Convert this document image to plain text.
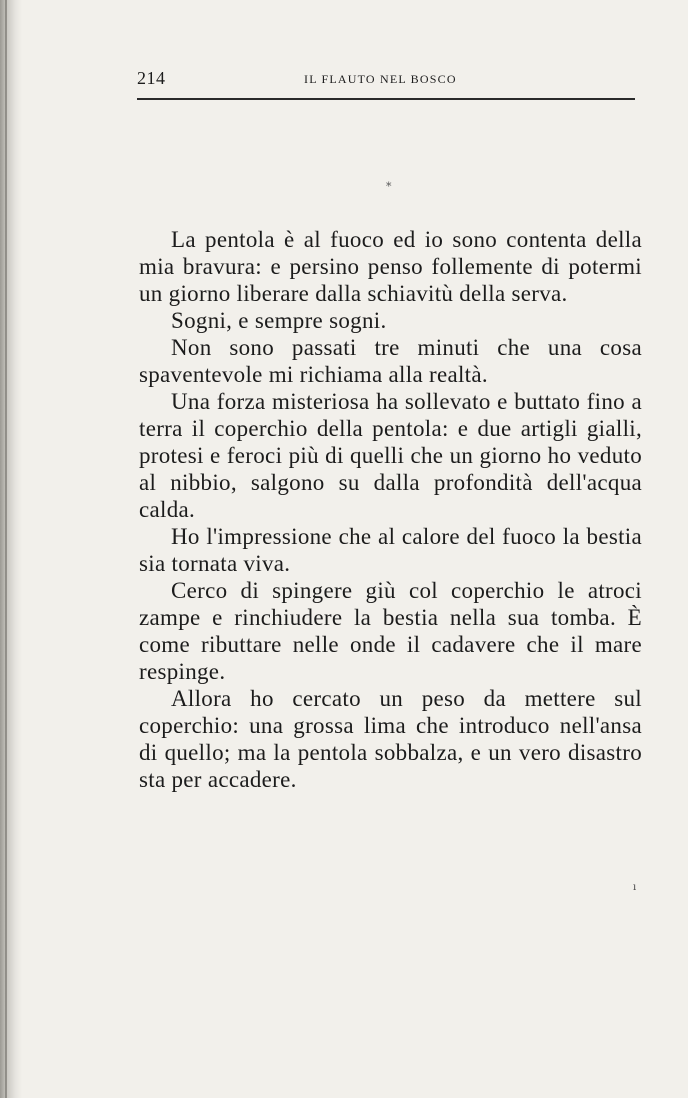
214	IL FLAUTO NEL BOSCO
*

La pentola è al fuoco ed io sono contenta della mia bravura: e persino penso follemente di potermi un giorno liberare dalla schiavitù della serva.

Sogni, e sempre sogni.

Non sono passati tre minuti che una cosa spaventevole mi richiama alla realtà.

Una forza misteriosa ha sollevato e buttato fino a terra il coperchio della pentola: e due artigli gialli, protesi e feroci più di quelli che un giorno ho veduto al nibbio, salgono su dalla profondità dell'acqua calda.

Ho l'impressione che al calore del fuoco la bestia sia tornata viva.

Cerco di spingere giù col coperchio le atroci zampe e rinchiudere la bestia nella sua tomba. È come ributtare nelle onde il cadavere che il mare respinge.

Allora ho cercato un peso da mettere sul coperchio: una grossa lima che introduco nell'ansa di quello; ma la pentola sobbalza, e un vero disastro sta per accadere.

ı
